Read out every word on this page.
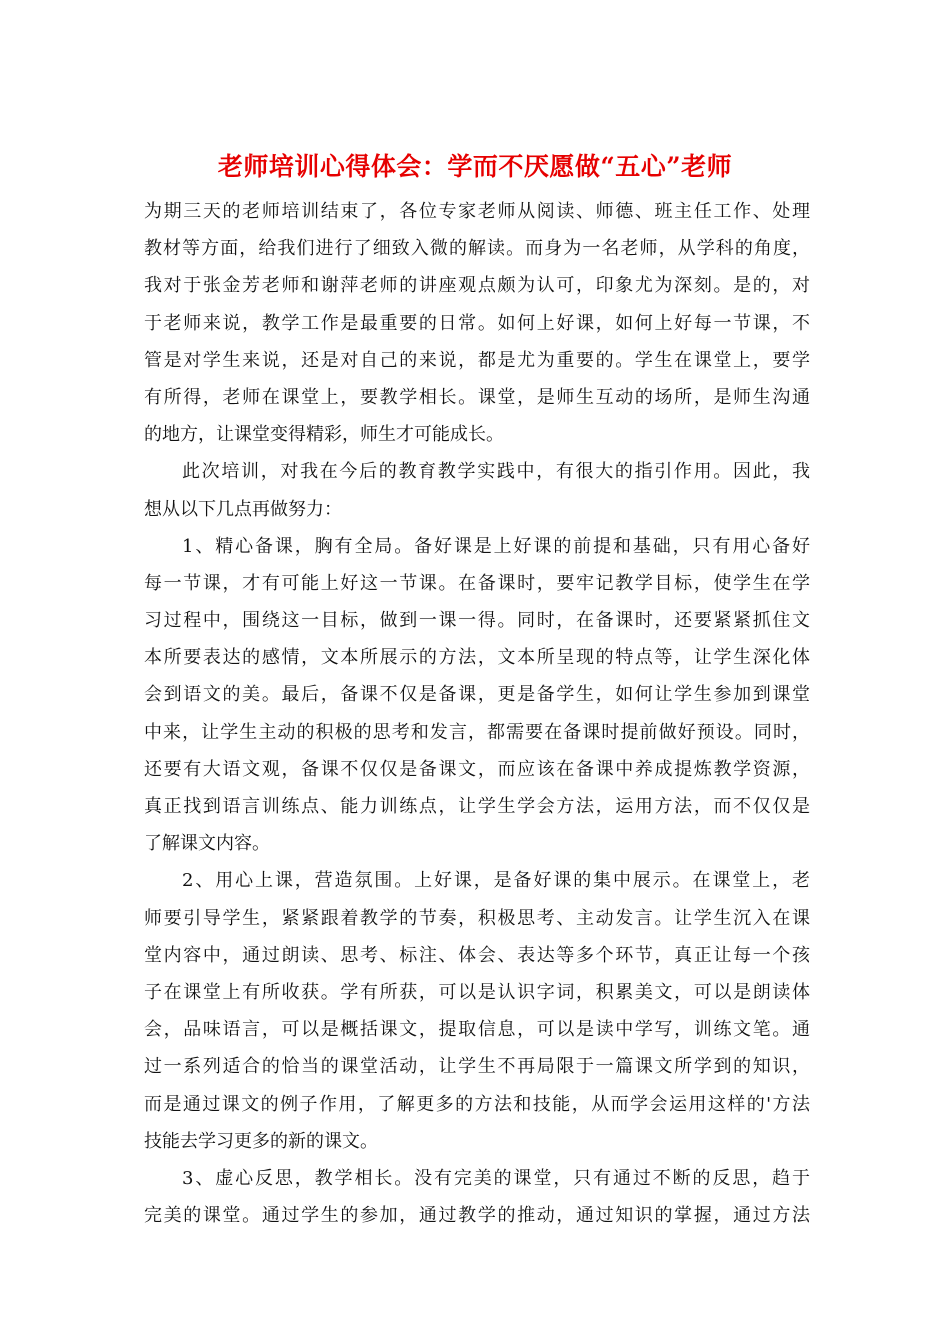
老师培训心得体会：学而不厌愿做“五心”老师
为期三天的老师培训结束了，各位专家老师从阅读、师德、班主任工作、处理
教材等方面，给我们进行了细致入微的解读。而身为一名老师，从学科的角度，
我对于张金芳老师和谢萍老师的讲座观点颇为认可，印象尤为深刻。是的，对
于老师来说，教学工作是最重要的日常。如何上好课，如何上好每一节课，不
管是对学生来说，还是对自己的来说，都是尤为重要的。学生在课堂上，要学
有所得，老师在课堂上，要教学相长。课堂，是师生互动的场所，是师生沟通
的地方，让课堂变得精彩，师生才可能成长。
此次培训，对我在今后的教育教学实践中，有很大的指引作用。因此，我
想从以下几点再做努力：
1、精心备课，胸有全局。备好课是上好课的前提和基础，只有用心备好
每一节课，才有可能上好这一节课。在备课时，要牢记教学目标，使学生在学
习过程中，围绕这一目标，做到一课一得。同时，在备课时，还要紧紧抓住文
本所要表达的感情，文本所展示的方法，文本所呈现的特点等，让学生深化体
会到语文的美。最后，备课不仅是备课，更是备学生，如何让学生参加到课堂
中来，让学生主动的积极的思考和发言，都需要在备课时提前做好预设。同时，
还要有大语文观，备课不仅仅是备课文，而应该在备课中养成提炼教学资源，
真正找到语言训练点、能力训练点，让学生学会方法，运用方法，而不仅仅是
了解课文内容。
2、用心上课，营造氛围。上好课，是备好课的集中展示。在课堂上，老
师要引导学生，紧紧跟着教学的节奏，积极思考、主动发言。让学生沉入在课
堂内容中，通过朗读、思考、标注、体会、表达等多个环节，真正让每一个孩
子在课堂上有所收获。学有所获，可以是认识字词，积累美文，可以是朗读体
会，品味语言，可以是概括课文，提取信息，可以是读中学写，训练文笔。通
过一系列适合的恰当的课堂活动，让学生不再局限于一篇课文所学到的知识，
而是通过课文的例子作用，了解更多的方法和技能，从而学会运用这样的'方法
技能去学习更多的新的课文。
3、虚心反思，教学相长。没有完美的课堂，只有通过不断的反思，趋于
完美的课堂。通过学生的参加，通过教学的推动，通过知识的掌握，通过方法
